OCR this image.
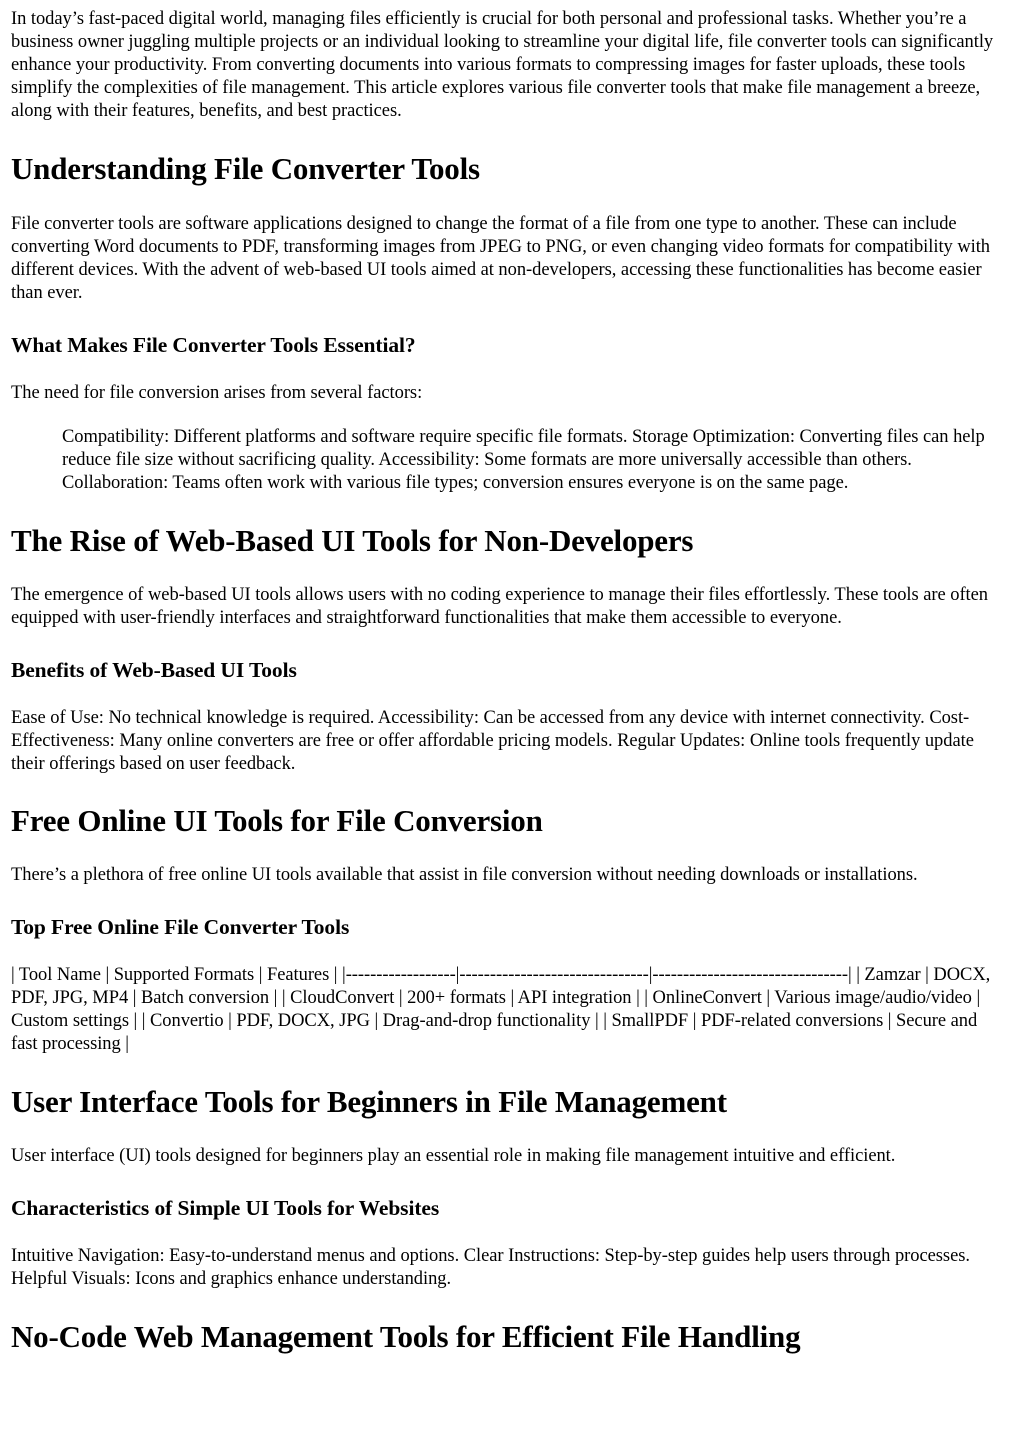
In today’s fast-paced digital world, managing files efficiently is crucial for both personal and professional tasks. Whether you’re a business owner juggling multiple projects or an individual looking to streamline your digital life, file converter tools can significantly enhance your productivity. From converting documents into various formats to compressing images for faster uploads, these tools simplify the complexities of file management. This article explores various file converter tools that make file management a breeze, along with their features, benefits, and best practices.

Understanding File Converter Tools

File converter tools are software applications designed to change the format of a file from one type to another. These can include converting Word documents to PDF, transforming images from JPEG to PNG, or even changing video formats for compatibility with different devices. With the advent of web-based UI tools aimed at non-developers, accessing these functionalities has become easier than ever.

What Makes File Converter Tools Essential?

The need for file conversion arises from several factors:

Compatibility: Different platforms and software require specific file formats. Storage Optimization: Converting files can help reduce file size without sacrificing quality. Accessibility: Some formats are more universally accessible than others. Collaboration: Teams often work with various file types; conversion ensures everyone is on the same page.
The Rise of Web-Based UI Tools for Non-Developers

The emergence of web-based UI tools allows users with no coding experience to manage their files effortlessly. These tools are often equipped with user-friendly interfaces and straightforward functionalities that make them accessible to everyone.

Benefits of Web-Based UI Tools

Ease of Use: No technical knowledge is required. Accessibility: Can be accessed from any device with internet connectivity. Cost-Effectiveness: Many online converters are free or offer affordable pricing models. Regular Updates: Online tools frequently update their offerings based on user feedback.

Free Online UI Tools for File Conversion

There’s a plethora of free online UI tools available that assist in file conversion without needing downloads or installations.

Top Free Online File Converter Tools

| Tool Name | Supported Formats | Features | |------------------|-------------------------------|--------------------------------| | Zamzar | DOCX, PDF, JPG, MP4 | Batch conversion | | CloudConvert | 200+ formats | API integration | | OnlineConvert | Various image/audio/video | Custom settings | | Convertio | PDF, DOCX, JPG | Drag-and-drop functionality | | SmallPDF | PDF-related conversions | Secure and fast processing |

User Interface Tools for Beginners in File Management

User interface (UI) tools designed for beginners play an essential role in making file management intuitive and efficient.

Characteristics of Simple UI Tools for Websites

Intuitive Navigation: Easy-to-understand menus and options. Clear Instructions: Step-by-step guides help users through processes. Helpful Visuals: Icons and graphics enhance understanding.

No-Code Web Management Tools for Efficient File Handling
